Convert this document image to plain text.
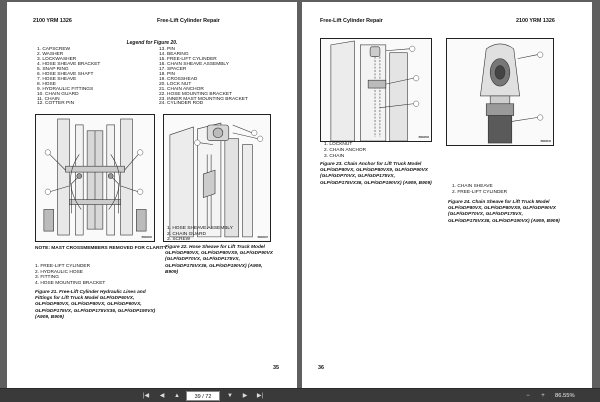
2100 YRM 1326	Free-Lift Cylinder Repair
Legend for Figure 20.
1. CAPSCREW
2. WASHER
3. LOCKWASHER
4. HOSE SHEAVE BRACKET
5. SNAP RING
6. HOSE SHEAVE SHAFT
7. HOSE SHEAVE
8. HOSE
9. HYDRAULIC FITTINGS
10. CHAIN GUARD
11. CHAIN
12. COTTER PIN
13. PIN
14. BEARING
15. FREE-LIFT CYLINDER
16. CHAIN SHEAVE ASSEMBLY
17. SPACER
18. PIN
19. CROSSHEAD
20. LOCK NUT
21. CHAIN ANCHOR
22. HOSE MOUNTING BRACKET
23. INNER MAST MOUNTING BRACKET
24. CYLINDER ROD
BM03000	BM03307
NOTE: MAST CROSSMEMBERS REMOVED FOR CLARITY.
1. FREE-LIFT CYLINDER
2. HYDRAULIC HOSE
3. FITTING
4. HOSE MOUNTING BRACKET
Figure 21. Free-Lift Cylinder Hydraulic Lines and Fittings for Lift Truck Model GLP/GDP60VX, GLP/GDP80VX, GLP/GDP80VX, GLP/GDP90VX, GLP/GDP175VX, GLP/GDP175VX36, GLP/GDP190VX) (A909, B909)
1. HOSE SHEAVE ASSEMBLY
2. CHAIN GUARD
3. SCREW
Figure 22. Hose Sheave for Lift Truck Model GLP/GDP80VX, GLP/GDP80VX9, GLP/GDP90VX (GLP/GDP70VX, GLP/GDP175VX, GLP/GDP175VX36, GLP/GDP190VX) (A909, B909)
35
Free-Lift Cylinder Repair	2100 YRM 1326
BM03006
BM03044
1. LOCKNUT
2. CHAIN ANCHOR
3. CHAIN
Figure 23. Chain Anchor for Lift Truck Model GLP/GDP80VX, GLP/GDP80VX9, GLP/GDP90VX (GLP/GDP70VX, GLP/GDP175VX, GLP/GDP175VX36, GLP/GDP190VX) (A909, B909)
1. CHAIN SHEAVE
2. FREE-LIFT CYLINDER
Figure 24. Chain Sheave for Lift Truck Model GLP/GDP80VX, GLP/GDP80VX9, GLP/GDP90VX (GLP/GDP70VX, GLP/GDP175VX, GLP/GDP175VX36, GLP/GDP190VX) (A909, B909)
36
|◀	◀	▲	39 / 72	▼	▶	▶|	−	+	86.55%
